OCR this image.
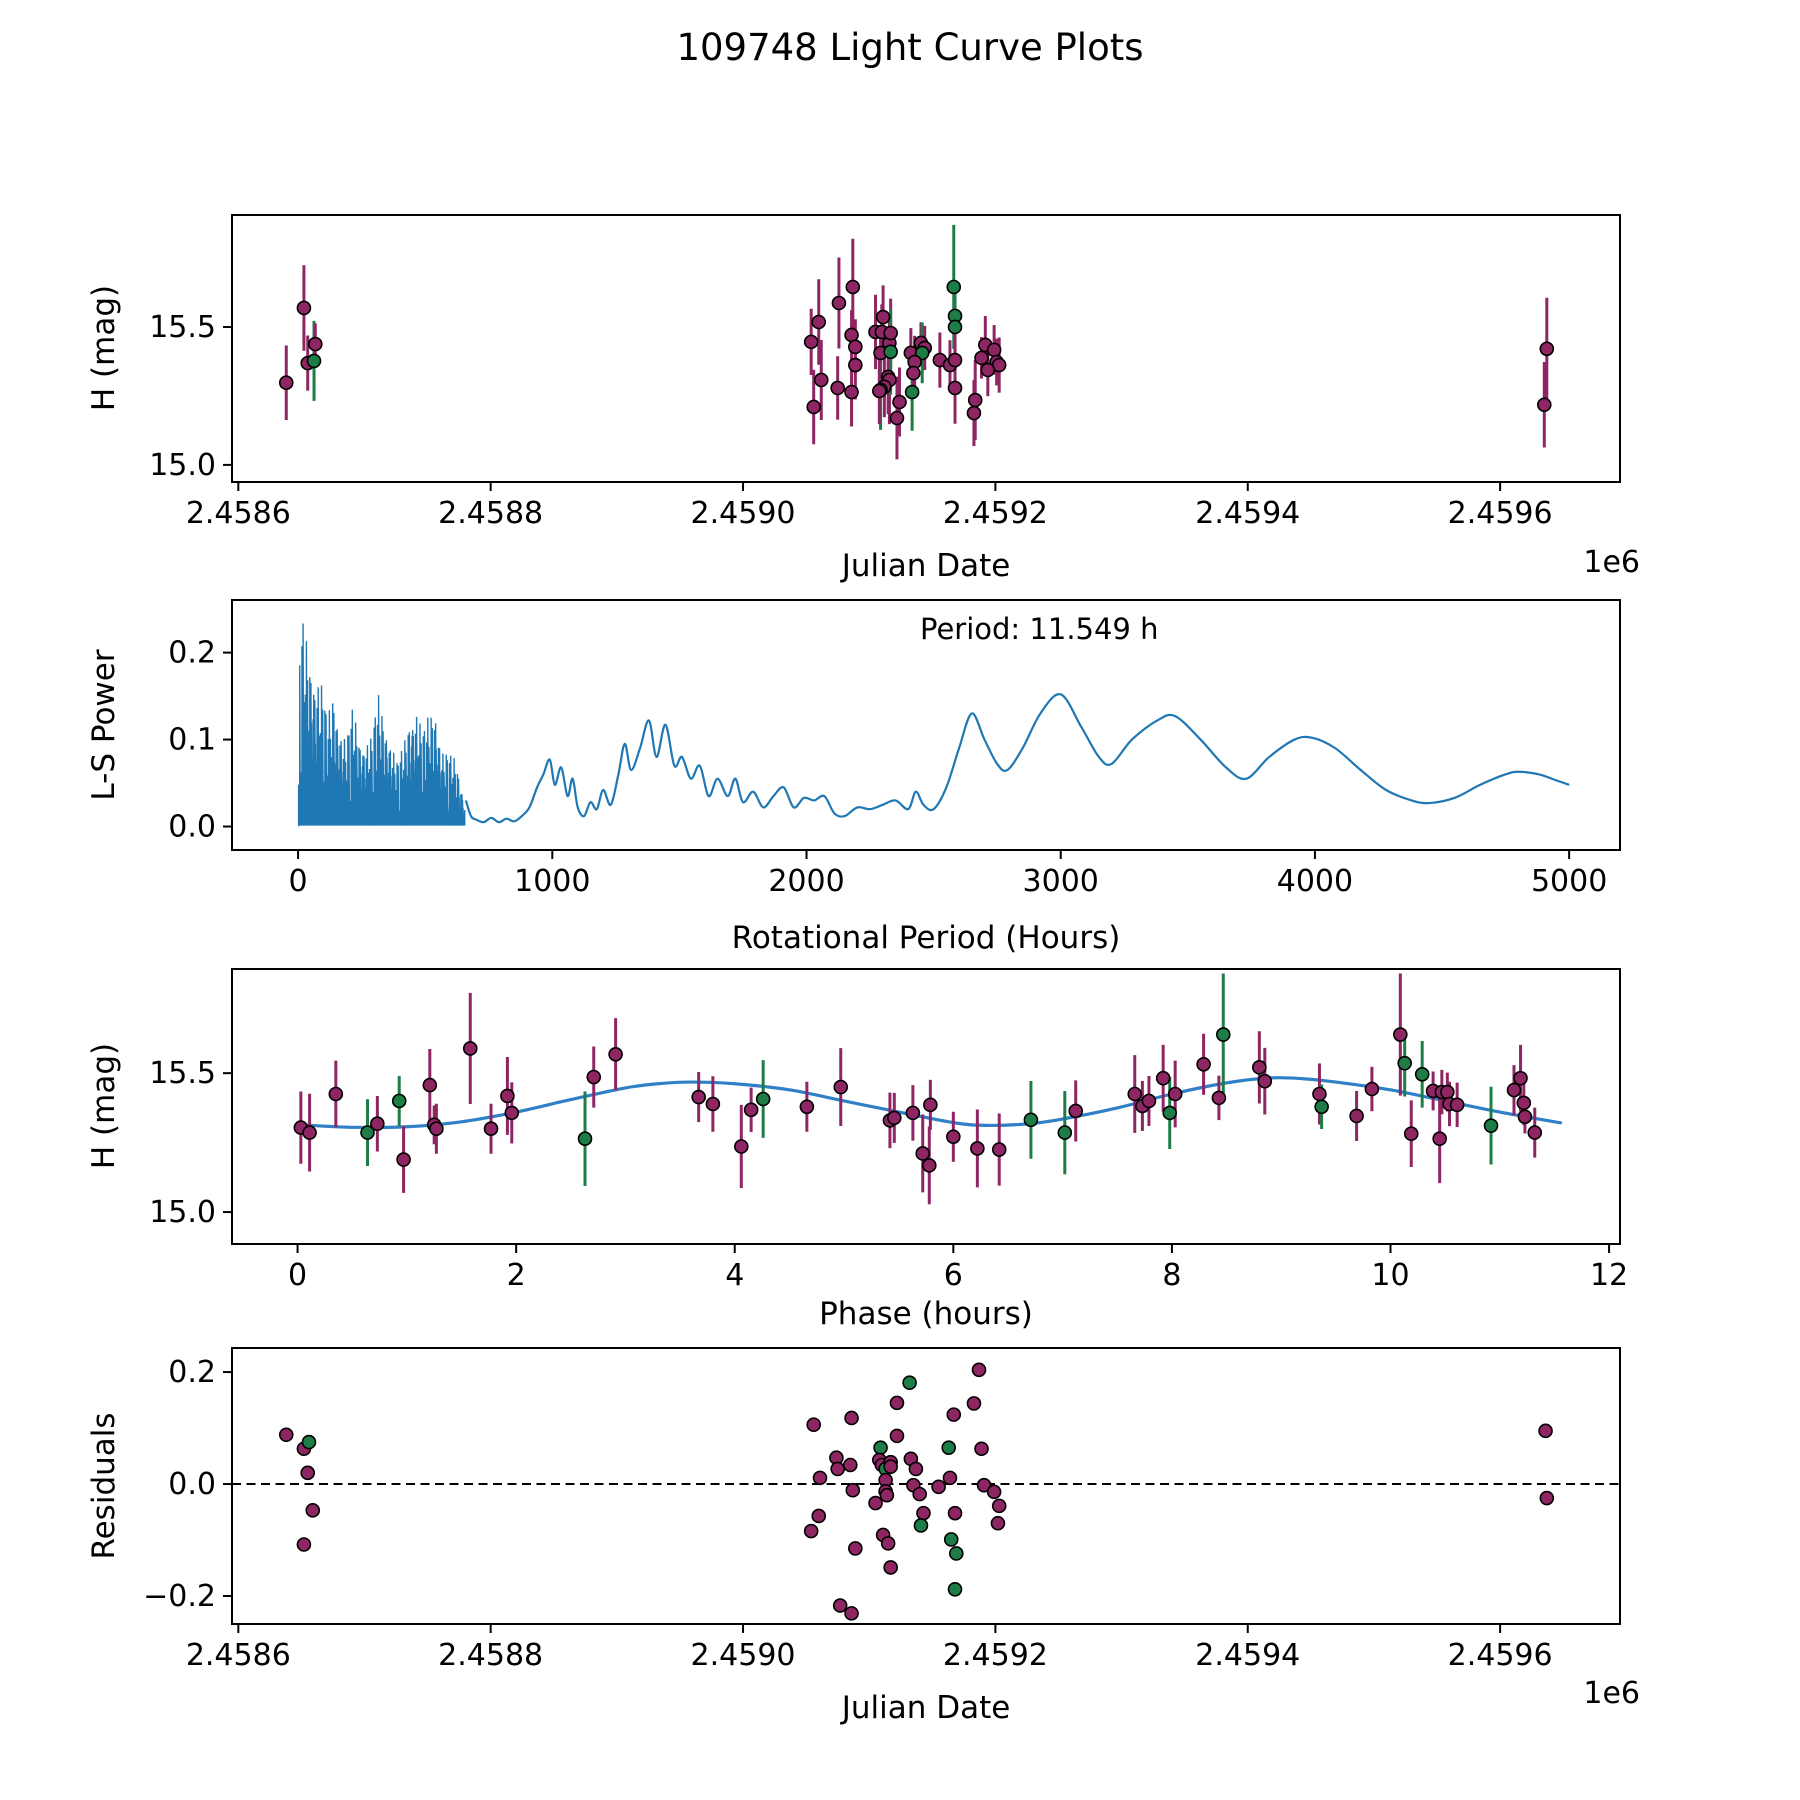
2.4586	2.4588	2.4590	2.4592	2.4594	2.4596
15.0
15.5
0	1000	2000	3000	4000	5000
0.0
0.1
0.2
0	2	4	6	8	10	12
15.0
15.5
2.4586	2.4588	2.4590	2.4592	2.4594	2.4596
−0.2
0.0
0.2
109748 Light Curve Plots
H (mag)
L-S Power
H (mag)
Residuals
Julian Date
Rotational Period (Hours)
Phase (hours)
Julian Date
1e6
1e6
Period: 11.549 h
